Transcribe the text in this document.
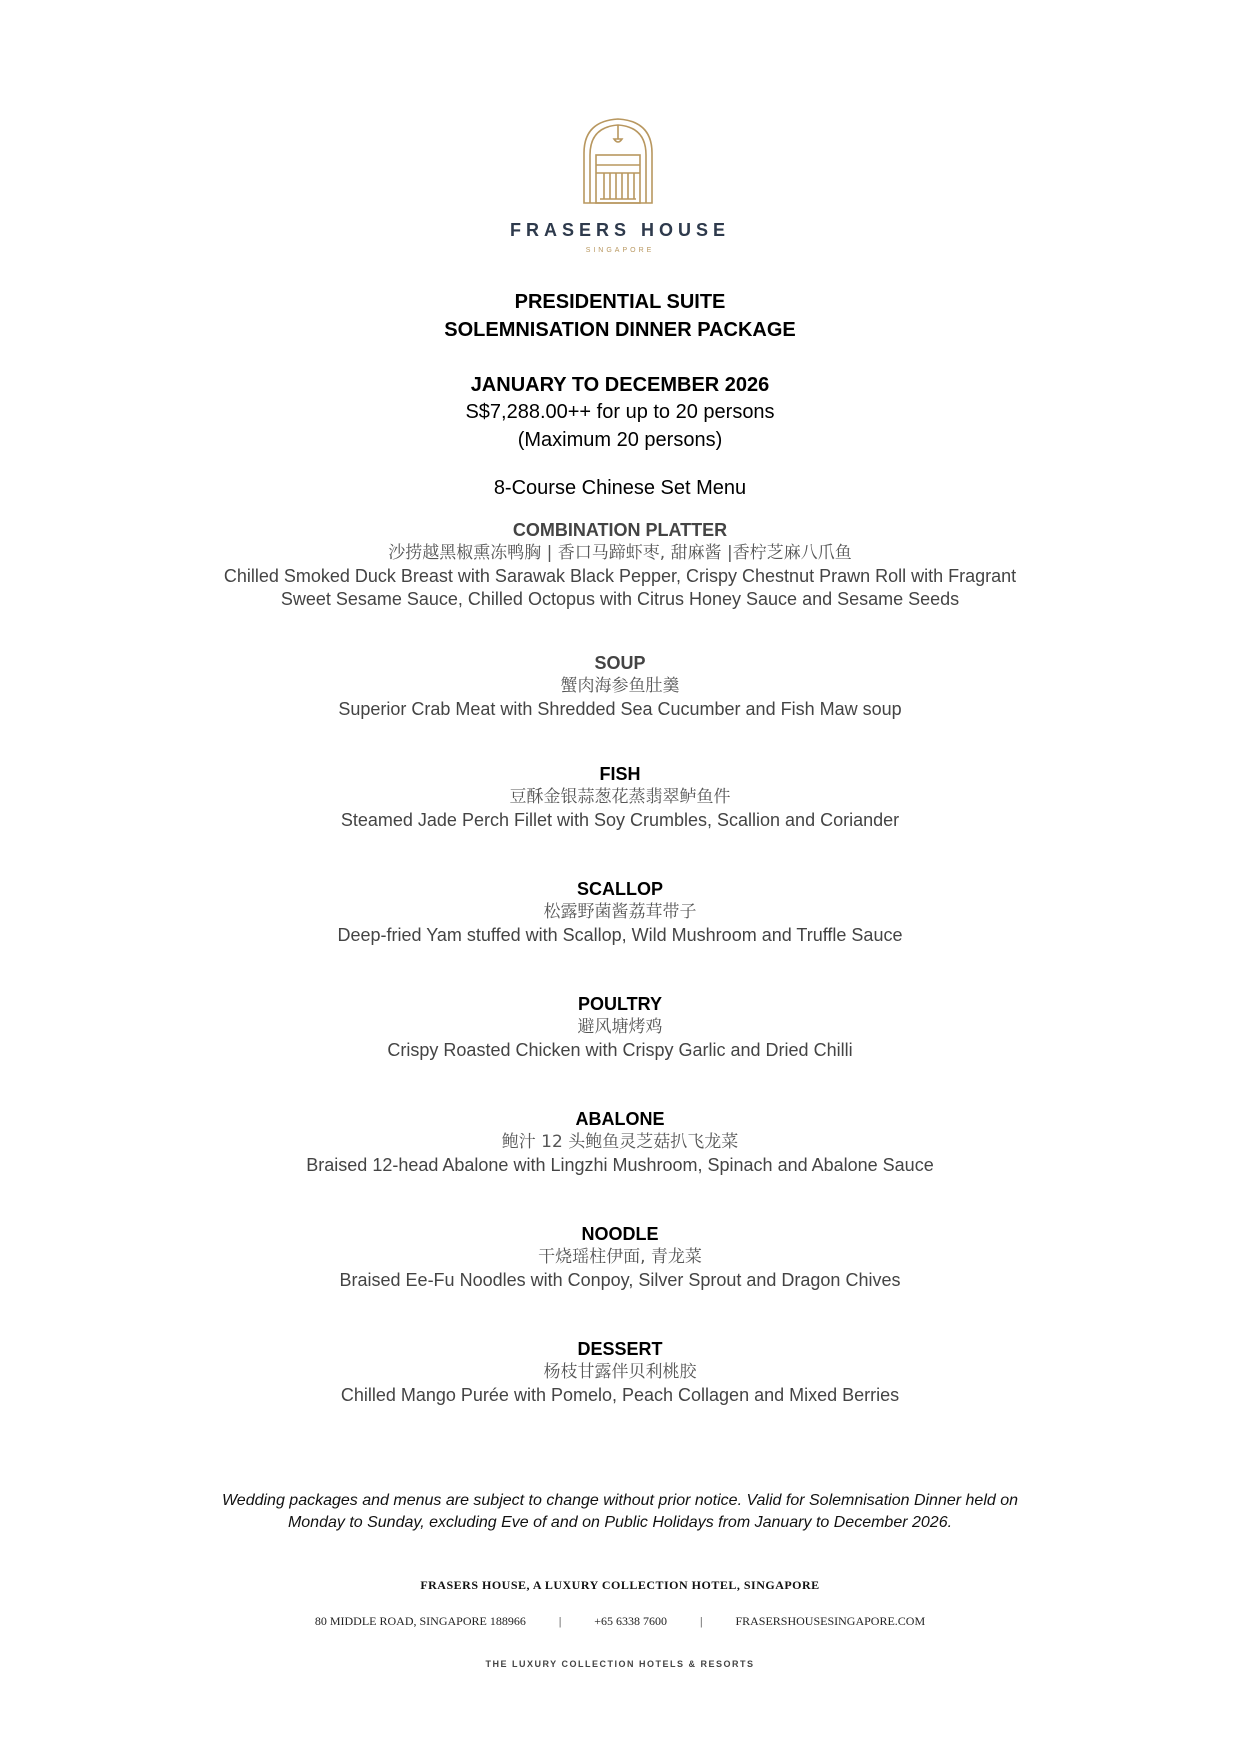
FRASERS HOUSE
SINGAPORE
PRESIDENTIAL SUITE
SOLEMNISATION DINNER PACKAGE
JANUARY TO DECEMBER 2026
S$7,288.00++ for up to 20 persons
(Maximum 20 persons)
8-Course Chinese Set Menu
COMBINATION PLATTER
沙捞越黑椒熏冻鸭胸 | 香口马蹄虾枣, 甜麻酱 |香柠芝麻八爪鱼
Chilled Smoked Duck Breast with Sarawak Black Pepper, Crispy Chestnut Prawn Roll with Fragrant
Sweet Sesame Sauce, Chilled Octopus with Citrus Honey Sauce and Sesame Seeds
SOUP
蟹肉海参鱼肚羹
Superior Crab Meat with Shredded Sea Cucumber and Fish Maw soup
FISH
豆酥金银蒜葱花蒸翡翠鲈鱼件
Steamed Jade Perch Fillet with Soy Crumbles, Scallion and Coriander
SCALLOP
松露野菌酱荔茸带子
Deep-fried Yam stuffed with Scallop, Wild Mushroom and Truffle Sauce
POULTRY
避风塘烤鸡
Crispy Roasted Chicken with Crispy Garlic and Dried Chilli
ABALONE
鲍汁 12 头鲍鱼灵芝菇扒飞龙菜
Braised 12-head Abalone with Lingzhi Mushroom, Spinach and Abalone Sauce
NOODLE
干烧瑶柱伊面, 青龙菜
Braised Ee-Fu Noodles with Conpoy, Silver Sprout and Dragon Chives
DESSERT
杨枝甘露伴贝利桃胶
Chilled Mango Purée with Pomelo, Peach Collagen and Mixed Berries
Wedding packages and menus are subject to change without prior notice. Valid for Solemnisation Dinner held on
Monday to Sunday, excluding Eve of and on Public Holidays from January to December 2026.
FRASERS HOUSE, A LUXURY COLLECTION HOTEL, SINGAPORE
80 MIDDLE ROAD, SINGAPORE 188966	|	+65 6338 7600	|	FRASERSHOUSESINGAPORE.COM
THE LUXURY COLLECTION HOTELS & RESORTS
